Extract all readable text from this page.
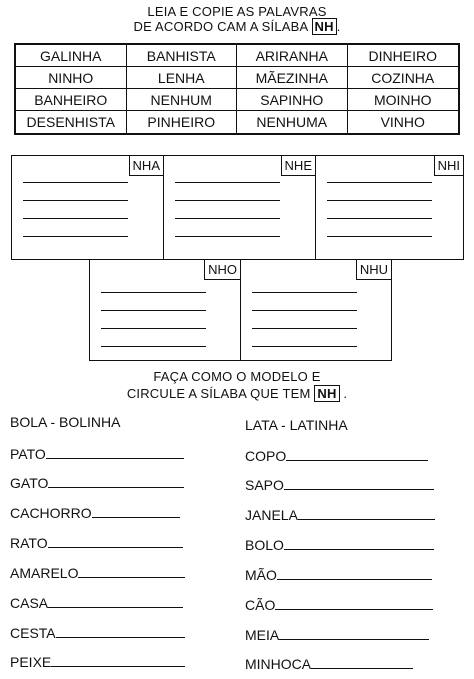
LEIA E COPIE AS PALAVRAS
DE ACORDO CAM A SÍLABA NH .
GALINHA	BANHISTA	ARIRANHA	DINHEIRO
NINHO	LENHA	MÃEZINHA	COZINHA
BANHEIRO	NENHUM	SAPINHO	MOINHO
DESENHISTA	PINHEIRO	NENHUMA	VINHO
NHA	NHE	NHI
NHO	NHU
FAÇA COMO O MODELO E
CIRCULE A SÍLABA QUE TEM NH .
BOLA - BOLINHA	LATA - LATINHA
PATO
GATO
CACHORRO
RATO
AMARELO
CASA
CESTA
PEIXE
COPO
SAPO
JANELA
BOLO
MÃO
CÃO
MEIA
MINHOCA
